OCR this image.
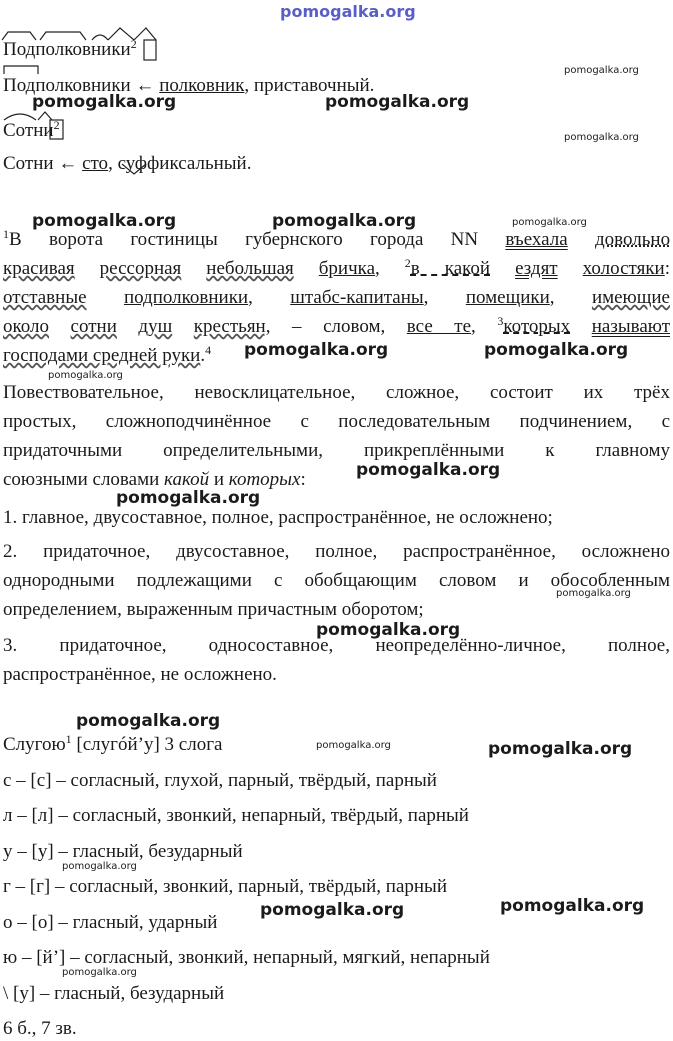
pomogalka.org
Подполковники$^2$
Подполковники ← полковник, приставочный.
Сотни$^2$
Сотни ← сто, суффиксальный.
$^1$В ворота гостиницы губернского города NN въехала довольно
красивая рессорная небольшая бричка, $^2$в какой ездят холостяки:
отставные подполковники, штабс-капитаны, помещики, имеющие
около сотни душ крестьян, – словом, все те, $^3$которых называют
господами средней руки.$^4$
Повествовательное, невосклицательное, сложное, состоит их трёх
простых, сложноподчинённое с последовательным подчинением, с
придаточными определительными, прикреплёнными к главному
союзными словами какой и которых:
1. главное, двусоставное, полное, распространённое, не осложнено;
2. придаточное, двусоставное, полное, распространённое, осложнено
однородными подлежащими с обобщающим словом и обособленным
определением, выраженным причастным оборотом;
3. придаточное, односоставное, неопределённо-личное, полное,
распространённое, не осложнено.
Слугою$^1$ [слугóй’у] 3 слога
с – [с] – согласный, глухой, парный, твёрдый, парный
л – [л] – согласный, звонкий, непарный, твёрдый, парный
у – [у] – гласный, безударный
г – [г] – согласный, звонкий, парный, твёрдый, парный
о – [о] – гласный, ударный
ю – [й’] – согласный, звонкий, непарный, мягкий, непарный
\ [у] – гласный, безударный
6 б., 7 зв.
pomogalka.org	pomogalka.org
pomogalka.org	pomogalka.org
pomogalka.org	pomogalka.org
pomogalka.org
pomogalka.org
pomogalka.org
pomogalka.org
pomogalka.org
pomogalka.org	pomogalka.org
pomogalka.org
pomogalka.org
pomogalka.org
pomogalka.org
pomogalka.org
pomogalka.org
pomogalka.org
pomogalka.org
